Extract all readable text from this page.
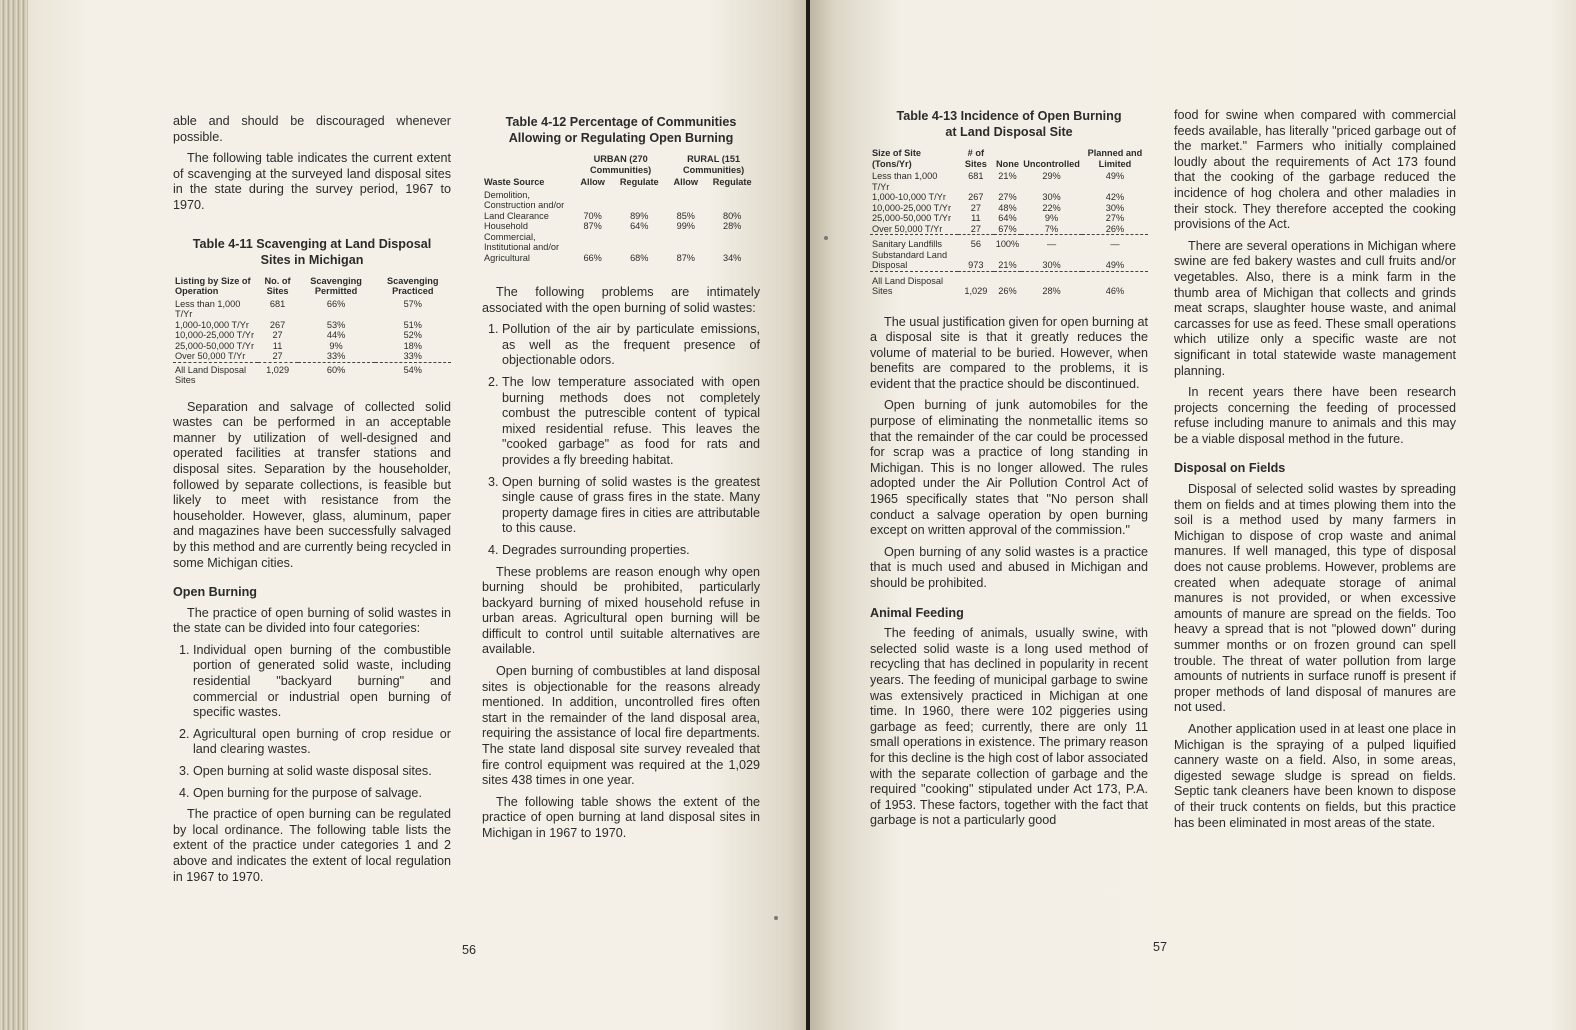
able and should be discouraged whenever possible.

The following table indicates the current extent of scavenging at the surveyed land disposal sites in the state during the survey period, 1967 to 1970.

Table 4-11 Scavenging at Land Disposal
Sites in Michigan
Listing by Size of Operation	No. of Sites	Scavenging Permitted	Scavenging Practiced
Less than 1,000 T/Yr	681	66%	57%
1,000-10,000 T/Yr	267	53%	51%
10,000-25,000 T/Yr	27	44%	52%
25,000-50,000 T/Yr	11	9%	18%
Over 50,000 T/Yr	27	33%	33%
All Land Disposal Sites	1,029	60%	54%

Separation and salvage of collected solid wastes can be performed in an acceptable manner by utilization of well-designed and operated facilities at transfer stations and disposal sites. Separation by the householder, followed by separate collections, is feasible but likely to meet with resistance from the householder. However, glass, aluminum, paper and magazines have been successfully salvaged by this method and are currently being recycled in some Michigan cities.

Open Burning

The practice of open burning of solid wastes in the state can be divided into four categories:

1. Individual open burning of the combustible portion of generated solid waste, including residential "backyard burning" and commercial or industrial open burning of specific wastes.
2. Agricultural open burning of crop residue or land clearing wastes.
3. Open burning at solid waste disposal sites.
4. Open burning for the purpose of salvage.

The practice of open burning can be regulated by local ordinance. The following table lists the extent of the practice under categories 1 and 2 above and indicates the extent of local regulation in 1967 to 1970.

Table 4-12 Percentage of Communities
Allowing or Regulating Open Burning
	URBAN (270 Communities)		RURAL (151 Communities)	
Waste Source	Allow	Regulate	Allow	Regulate
Demolition, Construction and/or Land Clearance	70%	89%	85%	80%
Household	87%	64%	99%	28%
Commercial, Institutional and/or Agricultural	66%	68%	87%	34%

The following problems are intimately associated with the open burning of solid wastes:

1. Pollution of the air by particulate emissions, as well as the frequent presence of objectionable odors.
2. The low temperature associated with open burning methods does not completely combust the putrescible content of typical mixed residential refuse. This leaves the "cooked garbage" as food for rats and provides a fly breeding habitat.
3. Open burning of solid wastes is the greatest single cause of grass fires in the state. Many property damage fires in cities are attributable to this cause.
4. Degrades surrounding properties.

These problems are reason enough why open burning should be prohibited, particularly backyard burning of mixed household refuse in urban areas. Agricultural open burning will be difficult to control until suitable alternatives are available.

Open burning of combustibles at land disposal sites is objectionable for the reasons already mentioned. In addition, uncontrolled fires often start in the remainder of the land disposal area, requiring the assistance of local fire departments. The state land disposal site survey revealed that fire control equipment was required at the 1,029 sites 438 times in one year.

The following table shows the extent of the practice of open burning at land disposal sites in Michigan in 1967 to 1970.

56
Table 4-13 Incidence of Open Burning
at Land Disposal Site
Size of Site (Tons/Yr)	# of Sites	None	Uncontrolled	Planned and Limited
Less than 1,000 T/Yr	681	21%	29%	49%
1,000-10,000 T/Yr	267	27%	30%	42%
10,000-25,000 T/Yr	27	48%	22%	30%
25,000-50,000 T/Yr	11	64%	9%	27%
Over 50,000 T/Yr	27	67%	7%	26%
Sanitary Landfills	56	100%	—	—
Substandard Land Disposal	973	21%	30%	49%
All Land Disposal Sites	1,029	26%	28%	46%

The usual justification given for open burning at a disposal site is that it greatly reduces the volume of material to be buried. However, when benefits are compared to the problems, it is evident that the practice should be discontinued.

Open burning of junk automobiles for the purpose of eliminating the nonmetallic items so that the remainder of the car could be processed for scrap was a practice of long standing in Michigan. This is no longer allowed. The rules adopted under the Air Pollution Control Act of 1965 specifically states that "No person shall conduct a salvage operation by open burning except on written approval of the commission."

Open burning of any solid wastes is a practice that is much used and abused in Michigan and should be prohibited.

Animal Feeding

The feeding of animals, usually swine, with selected solid waste is a long used method of recycling that has declined in popularity in recent years. The feeding of municipal garbage to swine was extensively practiced in Michigan at one time. In 1960, there were 102 piggeries using garbage as feed; currently, there are only 11 small operations in existence. The primary reason for this decline is the high cost of labor associated with the separate collection of garbage and the required "cooking" stipulated under Act 173, P.A. of 1953. These factors, together with the fact that garbage is not a particularly good

food for swine when compared with commercial feeds available, has literally "priced garbage out of the market." Farmers who initially complained loudly about the requirements of Act 173 found that the cooking of the garbage reduced the incidence of hog cholera and other maladies in their stock. They therefore accepted the cooking provisions of the Act.

There are several operations in Michigan where swine are fed bakery wastes and cull fruits and/or vegetables. Also, there is a mink farm in the thumb area of Michigan that collects and grinds meat scraps, slaughter house waste, and animal carcasses for use as feed. These small operations which utilize only a specific waste are not significant in total statewide waste management planning.

In recent years there have been research projects concerning the feeding of processed refuse including manure to animals and this may be a viable disposal method in the future.

Disposal on Fields

Disposal of selected solid wastes by spreading them on fields and at times plowing them into the soil is a method used by many farmers in Michigan to dispose of crop waste and animal manures. If well managed, this type of disposal does not cause problems. However, problems are created when adequate storage of animal manures is not provided, or when excessive amounts of manure are spread on the fields. Too heavy a spread that is not "plowed down" during summer months or on frozen ground can spell trouble. The threat of water pollution from large amounts of nutrients in surface runoff is present if proper methods of land disposal of manures are not used.

Another application used in at least one place in Michigan is the spraying of a pulped liquified cannery waste on a field. Also, in some areas, digested sewage sludge is spread on fields. Septic tank cleaners have been known to dispose of their truck contents on fields, but this practice has been eliminated in most areas of the state.

57
